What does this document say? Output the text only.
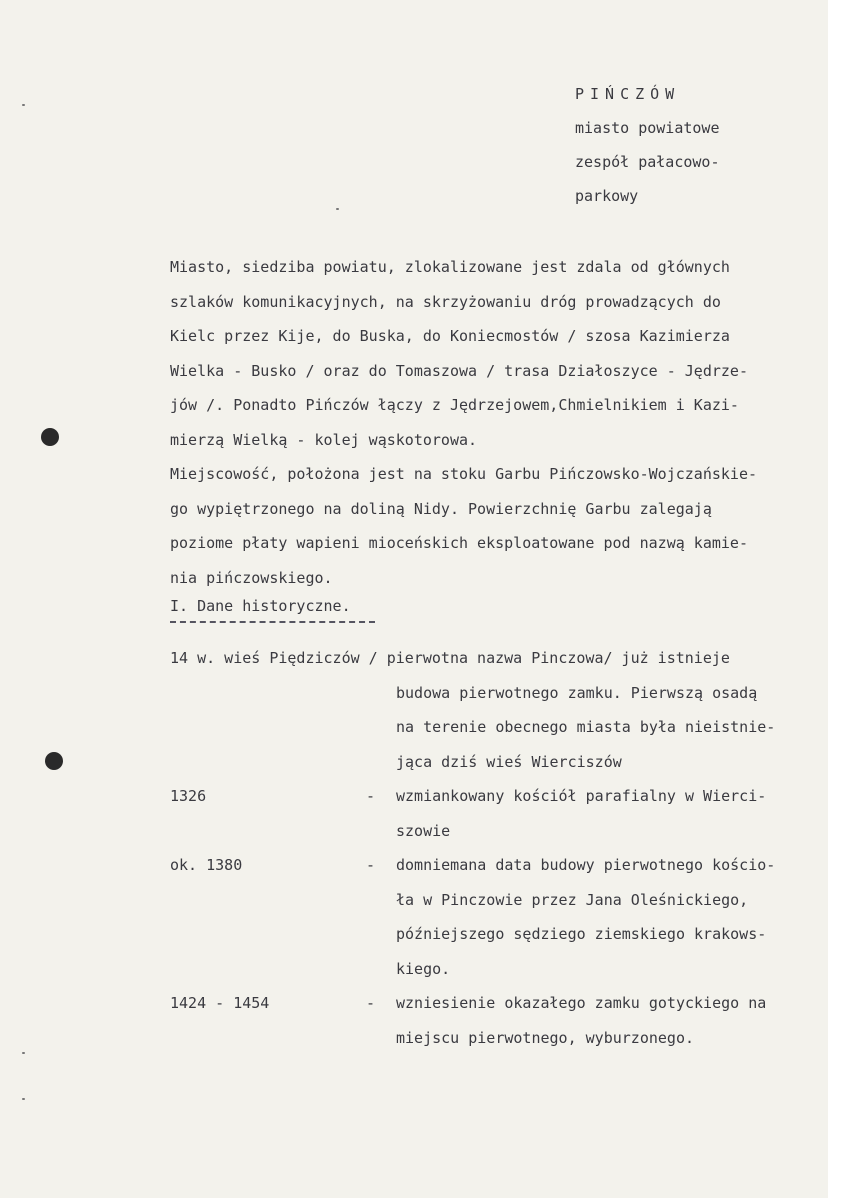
PIŃCZÓW
miasto powiatowe
zespół pałacowo-
parkowy
Miasto, siedziba powiatu, zlokalizowane jest zdala od głównych
szlaków komunikacyjnych, na skrzyżowaniu dróg prowadzących do
Kielc przez Kije, do Buska, do Koniecmostów / szosa Kazimierza
Wielka - Busko / oraz do Tomaszowa / trasa Działoszyce - Jędrze-
jów /. Ponadto Pińczów łączy z Jędrzejowem,Chmielnikiem i Kazi-
mierzą Wielką - kolej wąskotorowa.
Miejscowość, położona jest na stoku Garbu Pińczowsko-Wojczańskie-
go wypiętrzonego na doliną Nidy. Powierzchnię Garbu zalegają
poziome płaty wapieni mioceńskich eksploatowane pod nazwą kamie-
nia pińczowskiego.
I. Dane historyczne.
14 w. wieś Piędziczów / pierwotna nazwa Pinczowa/ już istnieje
budowa pierwotnego zamku. Pierwszą osadą
na terenie obecnego miasta była nieistnie-
jąca dziś wieś Wierciszów
1326	- wzmiankowany kościół parafialny w Wierci-
szowie
ok. 1380	- domniemana data budowy pierwotnego kościo-
ła w Pinczowie przez Jana Oleśnickiego,
późniejszego sędziego ziemskiego krakows-
kiego.
1424 - 1454	- wzniesienie okazałego zamku gotyckiego na
miejscu pierwotnego, wyburzonego.
